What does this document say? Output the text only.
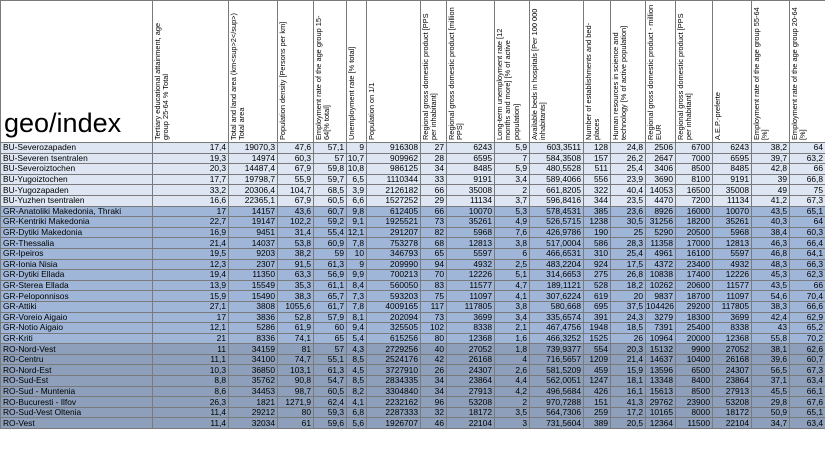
geo/index	Tertiary educational attainment, age group 25-64 % Total	Total and land area (km<sup>2</sup>) Total area	Population density [Persons per km]	Employment rate of the age group 15-64[% total]	Unemployment rate [% total]	Population on 1/1	Regional gross domestic product [PPS per inhabitant]	Regional gross domestic product [million PPS]	Long-term unemployment rate [12 months and more] [% of active population]	Available beds in hospitals [Per 100 000 inhabitants]	Number of establishments and bed-places	Human resources in science and technology [% of active population]	Regional gross domestic product - million EUR	Regional gross domestic product [PPS per inhabitant]	A.E.P.-preferte	Employment rate of the age group 55-64 [%]	Employment rate of the age group 20-64 [%]

BU-Severozapaden	17,4	19070,3	47,6	57,1	9	916308	27	6243	5,9	603,3511	128	24,8	2506	6700	6243	38,2	64
BU-Severen tsentralen	19,3	14974	60,3	57	10,7	909962	28	6595	7	584,3508	157	26,2	2647	7000	6595	39,7	63,2
BU-Severoiztochen	20,3	14487,4	67,9	59,8	10,8	986125	34	8485	5,9	480,5528	511	25,4	3406	8500	8485	42,8	66
BU-Yugoiztochen	17,7	19798,7	55,9	59,7	6,5	1110344	33	9191	3,4	589,4066	556	23,9	3690	8100	9191	39	66,8
BU-Yugozapaden	33,2	20306,4	104,7	68,5	3,9	2126182	66	35008	2	661,8205	322	40,4	14053	16500	35008	49	75
BU-Yuzhen tsentralen	16,6	22365,1	67,9	60,5	6,6	1527252	29	11134	3,7	596,8416	344	23,5	4470	7200	11134	41,2	67,3
GR-Anatoliki Makedonia, Thraki	17	14157	43,6	60,7	9,8	612405	66	10070	5,3	578,4531	385	23,6	8926	16000	10070	43,5	65,1
GR-Kentriki Makedonia	22,7	19147	102,2	59,2	9,1	1925521	73	35261	4,9	526,5715	1238	30,5	31256	18200	35261	40,3	64
GR-Dytiki Makedonia	16,9	9451	31,4	55,4	12,1	291207	82	5968	7,6	426,9786	190	25	5290	20500	5968	38,4	60,3
GR-Thessalia	21,4	14037	53,8	60,9	7,8	753278	68	12813	3,8	517,0004	586	28,3	11358	17000	12813	46,3	66,4
GR-Ipeiros	19,5	9203	38,2	59	10	346793	65	5597	6	466,6531	310	25,4	4961	16100	5597	46,8	64,1
GR-Ionia Nisia	12,3	2307	91,5	61,3	9	209990	94	4932	2,5	483,2204	924	17,5	4372	23400	4932	48,3	66,3
GR-Dytiki Ellada	19,4	11350	63,3	56,9	9,9	700213	70	12226	5,1	314,6653	275	26,8	10838	17400	12226	45,3	62,3
GR-Sterea Ellada	13,9	15549	35,3	61,1	8,4	560050	83	11577	4,7	189,1121	528	18,2	10262	20600	11577	43,5	66
GR-Peloponnisos	15,9	15490	38,3	65,7	7,3	593203	75	11097	4,1	307,6224	619	20	9837	18700	11097	54,6	70,4
GR-Attiki	27,1	3808	1055,6	61,7	7,8	4009165	117	117805	3,8	580,668	695	37,5	104426	29200	117805	38,3	66,6
GR-Voreio Aigaio	17	3836	52,8	57,9	8,1	202094	73	3699	3,4	335,6574	391	24,3	3279	18300	3699	42,4	62,9
GR-Notio Aigaio	12,1	5286	61,9	60	9,4	325505	102	8338	2,1	467,4756	1948	18,5	7391	25400	8338	43	65,2
GR-Kriti	21	8336	74,1	65	5,4	615256	80	12368	1,6	466,3252	1525	26	10964	20000	12368	55,8	70,2
RO-Nord-Vest	11	34159	81	57	4,3	2729256	40	27052	1,8	739,9377	554	20,3	15132	9900	27052	38,1	62,6
RO-Centru	11,1	34100	74,7	55,1	8,5	2524176	42	26168	4	716,5657	1209	21,4	14637	10400	26168	39,6	60,7
RO-Nord-Est	10,3	36850	103,1	61,3	4,5	3727910	26	24307	2,6	581,5209	459	15,9	13596	6500	24307	56,5	67,3
RO-Sud-Est	8,8	35762	90,8	54,7	8,5	2834335	34	23864	4,4	562,0051	1247	18,1	13348	8400	23864	37,1	63,4
RO-Sud - Muntenia	8,6	34453	98,7	60,5	8,2	3304840	34	27913	4,2	496,5684	426	16,1	15613	8500	27913	45,5	66,1
RO-Bucuresti - Ilfov	26,3	1821	1271,9	62,4	4,1	2232162	96	53208	2	970,7288	151	41,3	29762	23900	53208	29,8	67,6
RO-Sud-Vest Oltenia	11,4	29212	80	59,3	6,8	2287333	32	18172	3,5	564,7306	259	17,2	10165	8000	18172	50,9	65,1
RO-Vest	11,4	32034	61	59,6	5,6	1926707	46	22104	3	731,5604	389	20,5	12364	11500	22104	34,7	63,4
